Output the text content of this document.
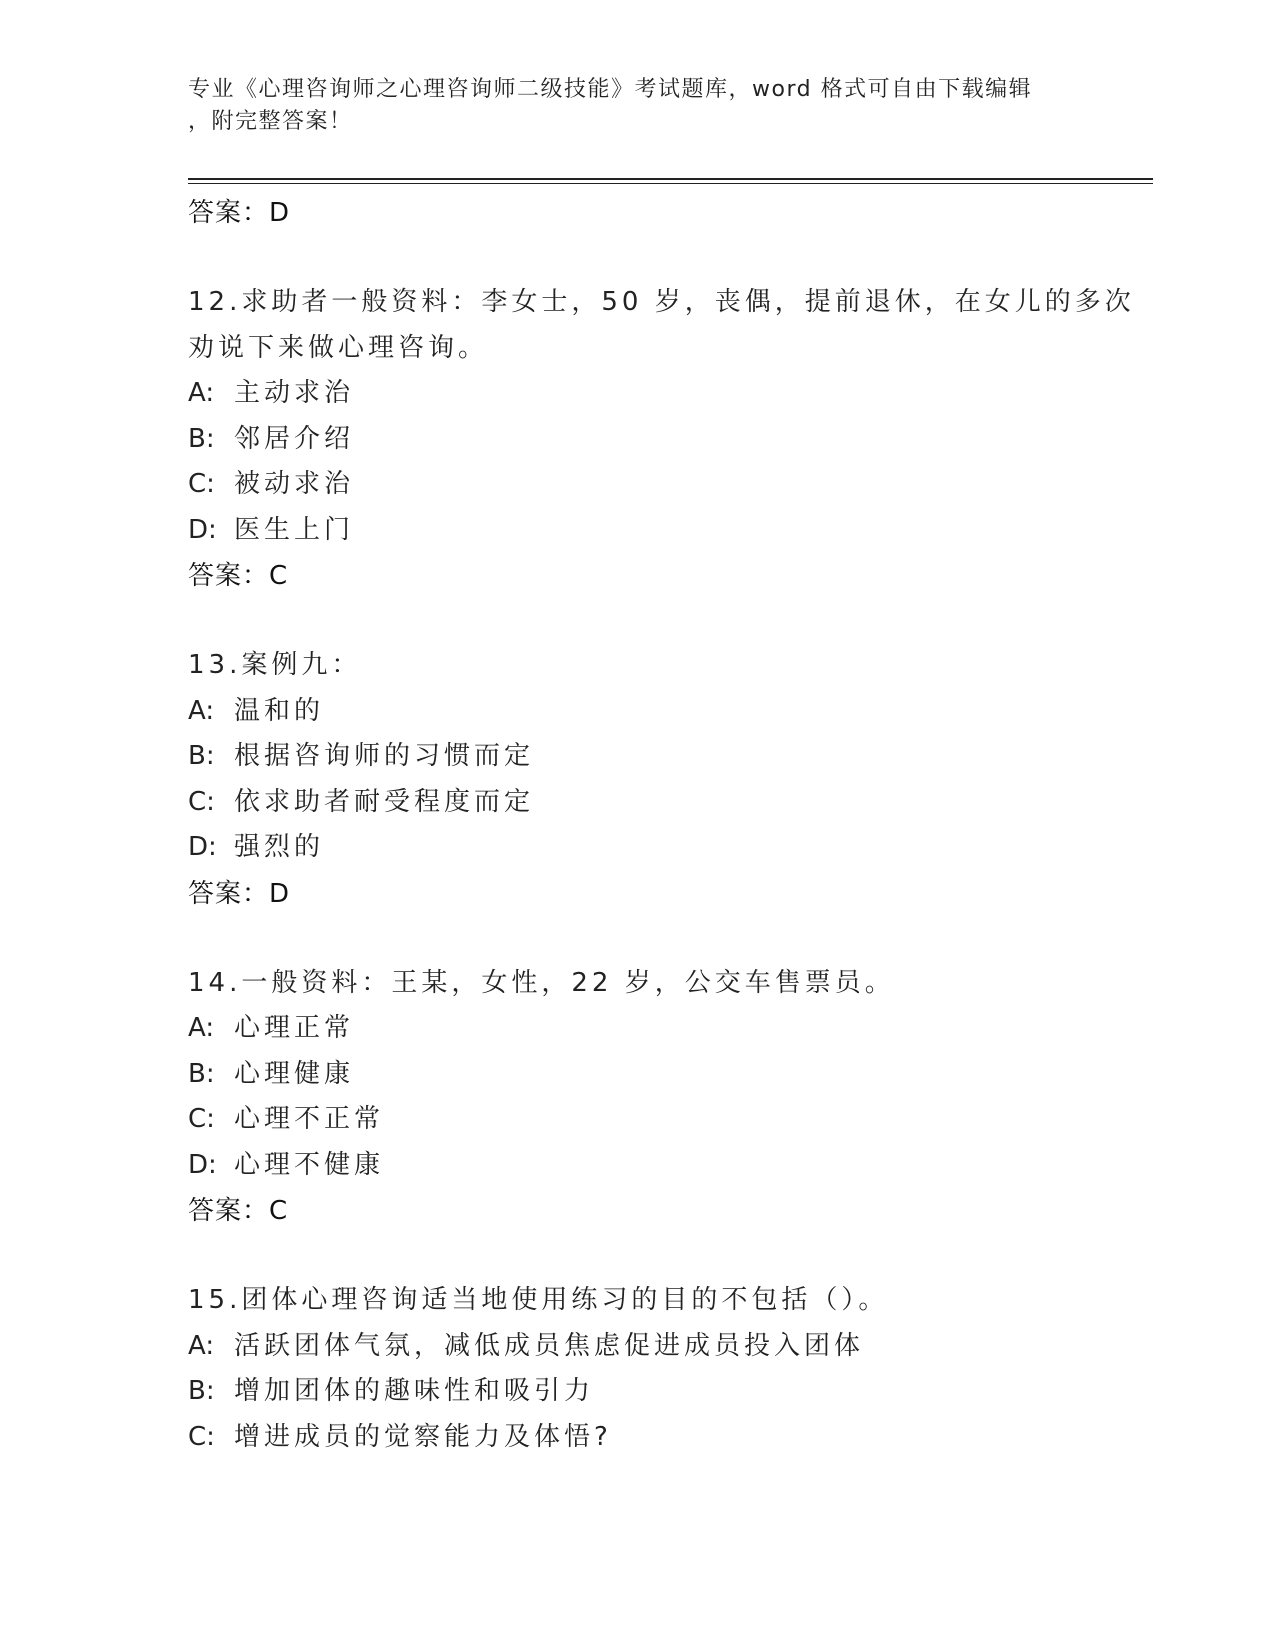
专业《心理咨询师之心理咨询师二级技能》考试题库，word 格式可自由下载编辑
，附完整答案！
答案：D
12.求助者一般资料：李女士，50 岁，丧偶，提前退休，在女儿的多次
劝说下来做心理咨询。
A: 主动求治
B: 邻居介绍
C: 被动求治
D: 医生上门
答案：C
13.案例九：
A: 温和的
B: 根据咨询师的习惯而定
C: 依求助者耐受程度而定
D: 强烈的
答案：D
14.一般资料：王某，女性，22 岁，公交车售票员。
A: 心理正常
B: 心理健康
C: 心理不正常
D: 心理不健康
答案：C
15.团体心理咨询适当地使用练习的目的不包括（）。
A: 活跃团体气氛，减低成员焦虑促进成员投入团体
B: 增加团体的趣味性和吸引力
C: 增进成员的觉察能力及体悟?
